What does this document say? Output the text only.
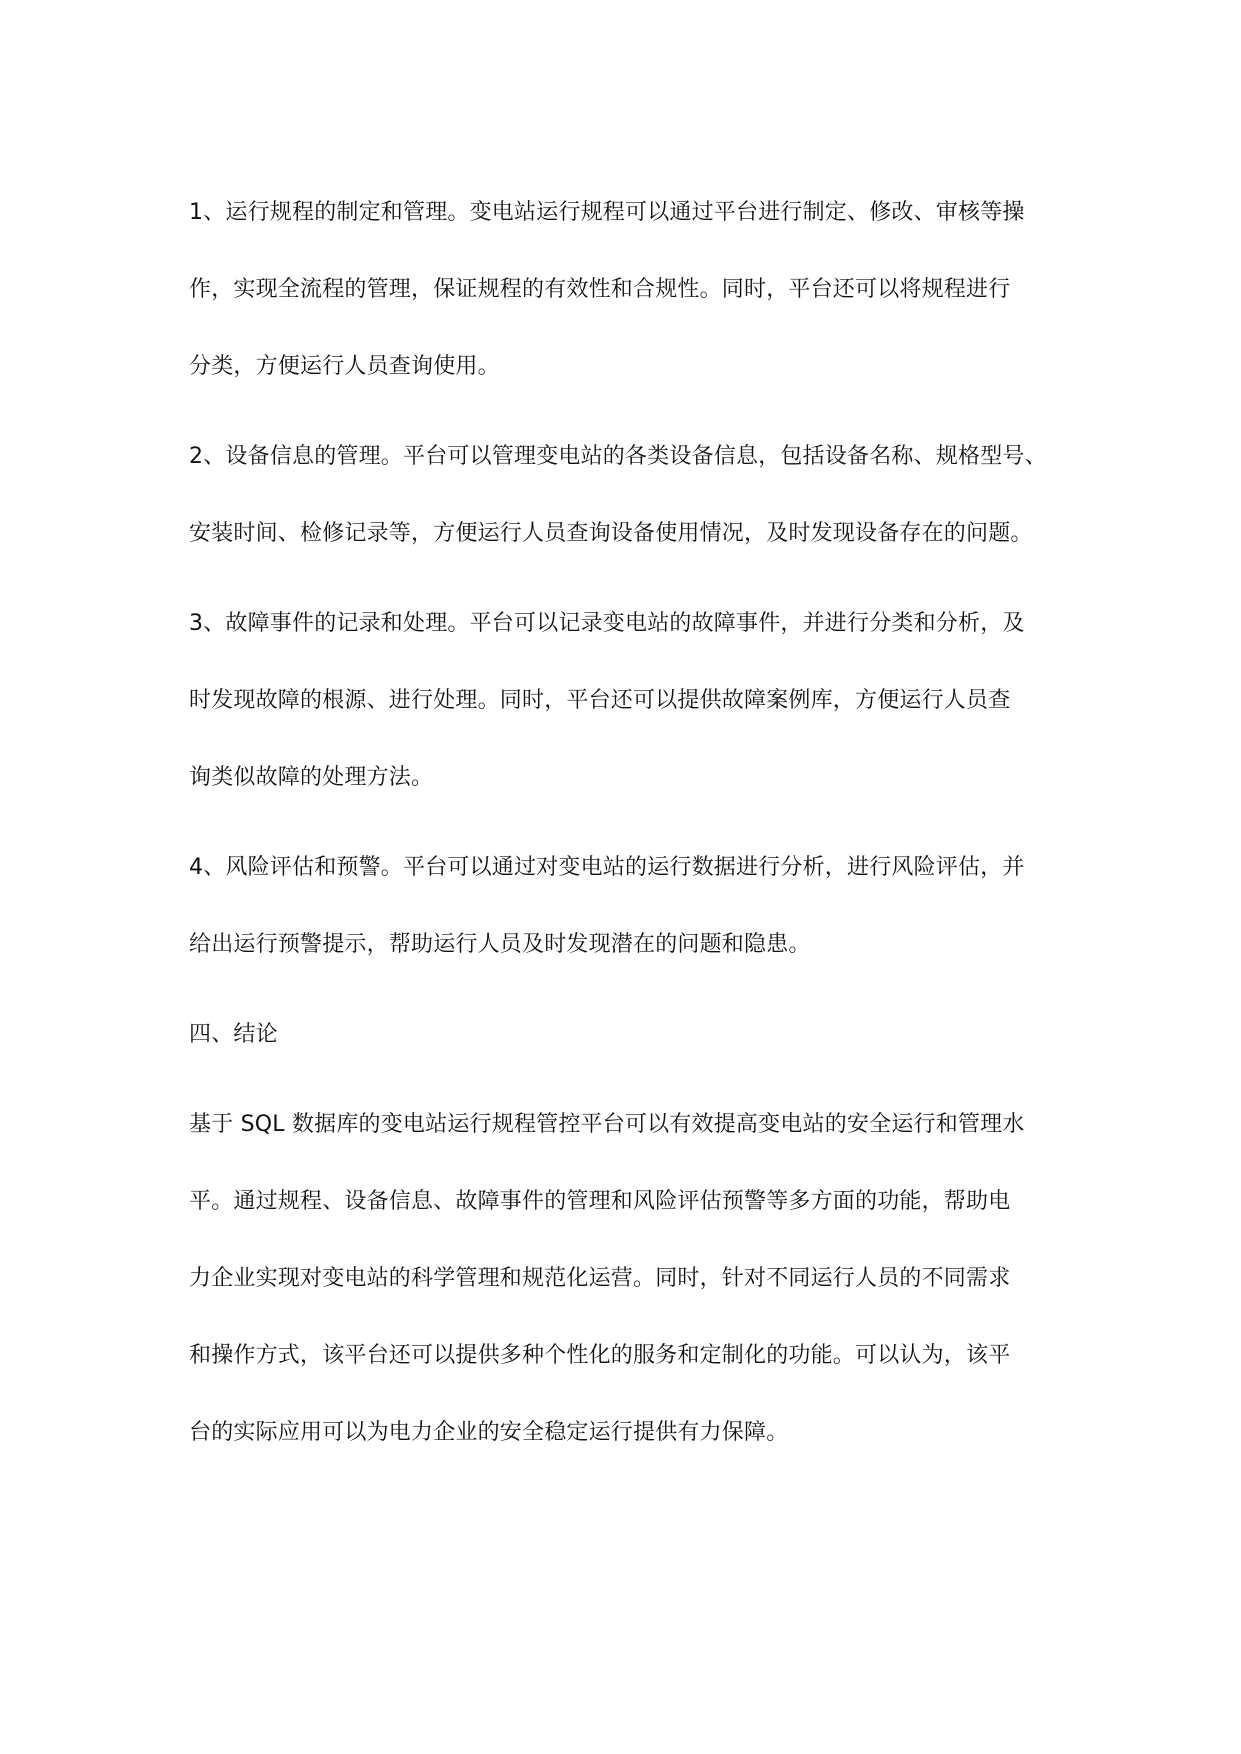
1、运行规程的制定和管理。变电站运行规程可以通过平台进行制定、修改、审核等操

作，实现全流程的管理，保证规程的有效性和合规性。同时，平台还可以将规程进行

分类，方便运行人员查询使用。

2、设备信息的管理。平台可以管理变电站的各类设备信息，包括设备名称、规格型号、

安装时间、检修记录等，方便运行人员查询设备使用情况，及时发现设备存在的问题。

3、故障事件的记录和处理。平台可以记录变电站的故障事件，并进行分类和分析，及

时发现故障的根源、进行处理。同时，平台还可以提供故障案例库，方便运行人员查

询类似故障的处理方法。

4、风险评估和预警。平台可以通过对变电站的运行数据进行分析，进行风险评估，并

给出运行预警提示，帮助运行人员及时发现潜在的问题和隐患。

四、结论

基于 SQL 数据库的变电站运行规程管控平台可以有效提高变电站的安全运行和管理水

平。通过规程、设备信息、故障事件的管理和风险评估预警等多方面的功能，帮助电

力企业实现对变电站的科学管理和规范化运营。同时，针对不同运行人员的不同需求

和操作方式，该平台还可以提供多种个性化的服务和定制化的功能。可以认为，该平

台的实际应用可以为电力企业的安全稳定运行提供有力保障。
